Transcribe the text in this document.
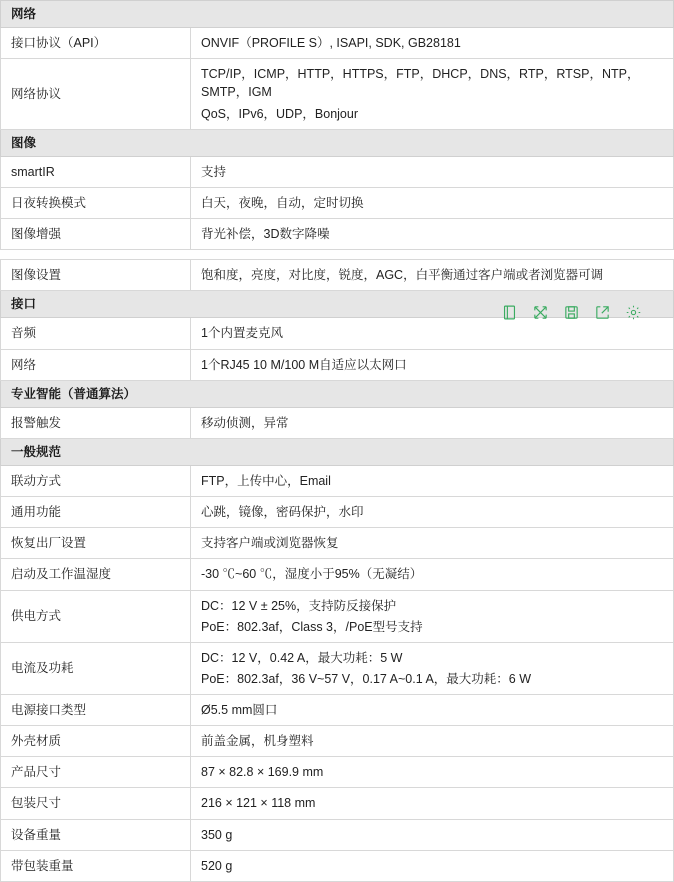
网络	
接口协议（API）	ONVIF（PROFILE S）, ISAPI, SDK, GB28181

网络协议	TCP/IP，ICMP，HTTP，HTTPS，FTP，DHCP，DNS，RTP，RTSP，NTP，SMTP，IGM
QoS，IPv6，UDP，Bonjour

图像	
smartIR	支持

日夜转换模式	白天，夜晚，自动，定时切换

图像增强	背光补偿，3D数字降噪

图像设置	饱和度，亮度，对比度，锐度，AGC，白平衡通过客户端或者浏览器可调

接口	
音频	1个内置麦克风

网络	1个RJ45 10 M/100 M自适应以太网口

专业智能（普通算法）	
报警触发	移动侦测，异常

一般规范	
联动方式	FTP，上传中心，Email

通用功能	心跳，镜像，密码保护，水印

恢复出厂设置	支持客户端或浏览器恢复

启动及工作温湿度	-30 ℃~60 ℃，湿度小于95%（无凝结）

供电方式	DC：12 V ± 25%，支持防反接保护
PoE：802.3af，Class 3，/PoE型号支持

电流及功耗	DC：12 V，0.42 A，最大功耗：5 W
PoE：802.3af，36 V~57 V，0.17 A~0.1 A，最大功耗：6 W

电源接口类型	Ø5.5 mm圆口

外壳材质	前盖金属，机身塑料

产品尺寸	87 × 82.8 × 169.9 mm

包装尺寸	216 × 121 × 118 mm

设备重量	350 g

带包装重量	520 g
